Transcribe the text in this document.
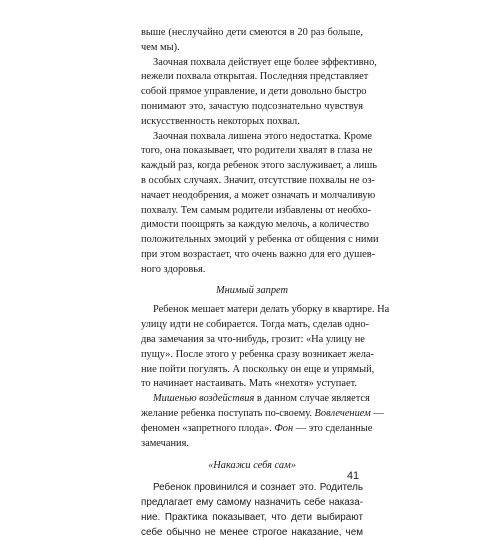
выше (неслучайно дети смеются в 20 раз больше,
чем мы).
Заочная похвала действует еще более эффективно,
нежели похвала открытая. Последняя представляет
собой прямое управление, и дети довольно быстро
понимают это, зачастую подсознательно чувствуя
искусственность некоторых похвал.
Заочная похвала лишена этого недостатка. Кроме
того, она показывает, что родители хвалят в глаза не
каждый раз, когда ребенок этого заслуживает, а лишь
в особых случаях. Значит, отсутствие похвалы не оз-
начает неодобрения, а может означать и молчаливую
похвалу. Тем самым родители избавлены от необхо-
димости поощрять за каждую мелочь, а количество
положительных эмоций у ребенка от общения с ними
при этом возрастает, что очень важно для его душев-
ного здоровья.
Мнимый запрет
Ребенок мешает матери делать уборку в квартире. На
улицу идти не собирается. Тогда мать, сделав одно-
два замечания за что-нибудь, грозит: «На улицу не
пущу». После этого у ребенка сразу возникает жела-
ние пойти погулять. А поскольку он еще и упрямый,
то начинает настаивать. Мать «нехотя» уступает.
Мишенью воздействия в данном случае является
желание ребенка поступать по-своему. Вовлечением —
феномен «запретного плода». Фон — это сделанные
замечания.
«Накажи себя сам»
Ребенок провинился и сознает это. Родитель
предлагает ему самому назначить себе наказа-
ние. Практика показывает, что дети выбирают
себе обычно не менее строгое наказание, чем
41
